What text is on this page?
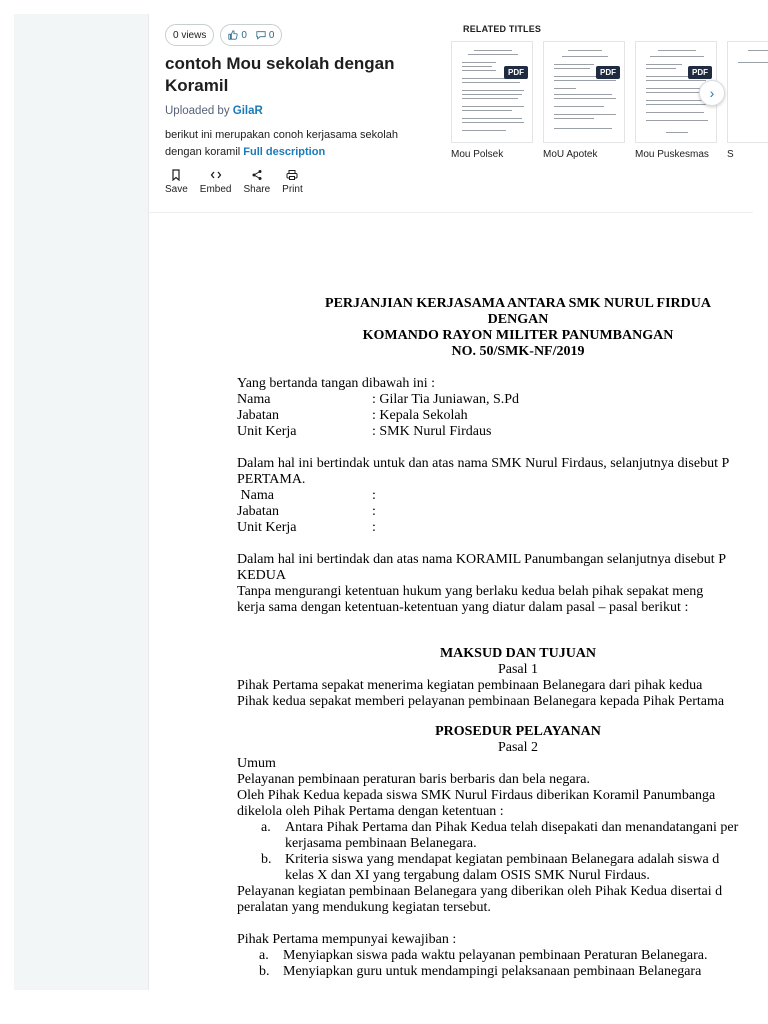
0 views	0 0
contoh Mou sekolah dengan Koramil
Uploaded by GilaR
berikut ini merupakan conoh kerjasama sekolah dengan koramil Full description
Save Embed Share Print
RELATED TITLES
PDF
Mou Polsek
PDF
MoU Apotek
PDF
Mou Puskesmas	S
›
PERJANJIAN KERJASAMA ANTARA SMK NURUL FIRDUA
DENGAN
KOMANDO RAYON MILITER PANUMBANGAN
NO. 50/SMK-NF/2019
Yang bertanda tangan dibawah ini :
Nama	: Gilar Tia Juniawan, S.Pd
Jabatan	: Kepala Sekolah
Unit Kerja	: SMK Nurul Firdaus
Dalam hal ini bertindak untuk dan atas nama SMK Nurul Firdaus, selanjutnya disebut P
PERTAMA.
Nama	:
Jabatan	:
Unit Kerja	:
Dalam hal ini bertindak dan atas nama KORAMIL Panumbangan selanjutnya disebut P
KEDUA
Tanpa mengurangi ketentuan hukum yang berlaku kedua belah pihak sepakat meng
kerja sama dengan ketentuan-ketentuan yang diatur dalam pasal – pasal berikut :
MAKSUD DAN TUJUAN
Pasal 1
Pihak Pertama sepakat menerima kegiatan pembinaan Belanegara dari pihak kedua
Pihak kedua sepakat memberi pelayanan pembinaan Belanegara kepada Pihak Pertama
PROSEDUR PELAYANAN
Pasal 2
Umum
Pelayanan pembinaan peraturan baris berbaris dan bela negara.
Oleh Pihak Kedua kepada siswa SMK Nurul Firdaus diberikan Koramil Panumbanga
dikelola oleh Pihak Pertama dengan ketentuan :
a.	Antara Pihak Pertama dan Pihak Kedua telah disepakati dan menandatangani per
kerjasama pembinaan Belanegara.
b. Kriteria siswa yang mendapat kegiatan pembinaan Belanegara adalah siswa d
kelas X dan XI yang tergabung dalam OSIS SMK Nurul Firdaus.
Pelayanan kegiatan pembinaan Belanegara yang diberikan oleh Pihak Kedua disertai d
peralatan yang mendukung kegiatan tersebut.
Pihak Pertama mempunyai kewajiban :
a.	Menyiapkan siswa pada waktu pelayanan pembinaan Peraturan Belanegara.
b. Menyiapkan guru untuk mendampingi pelaksanaan pembinaan Belanegara
